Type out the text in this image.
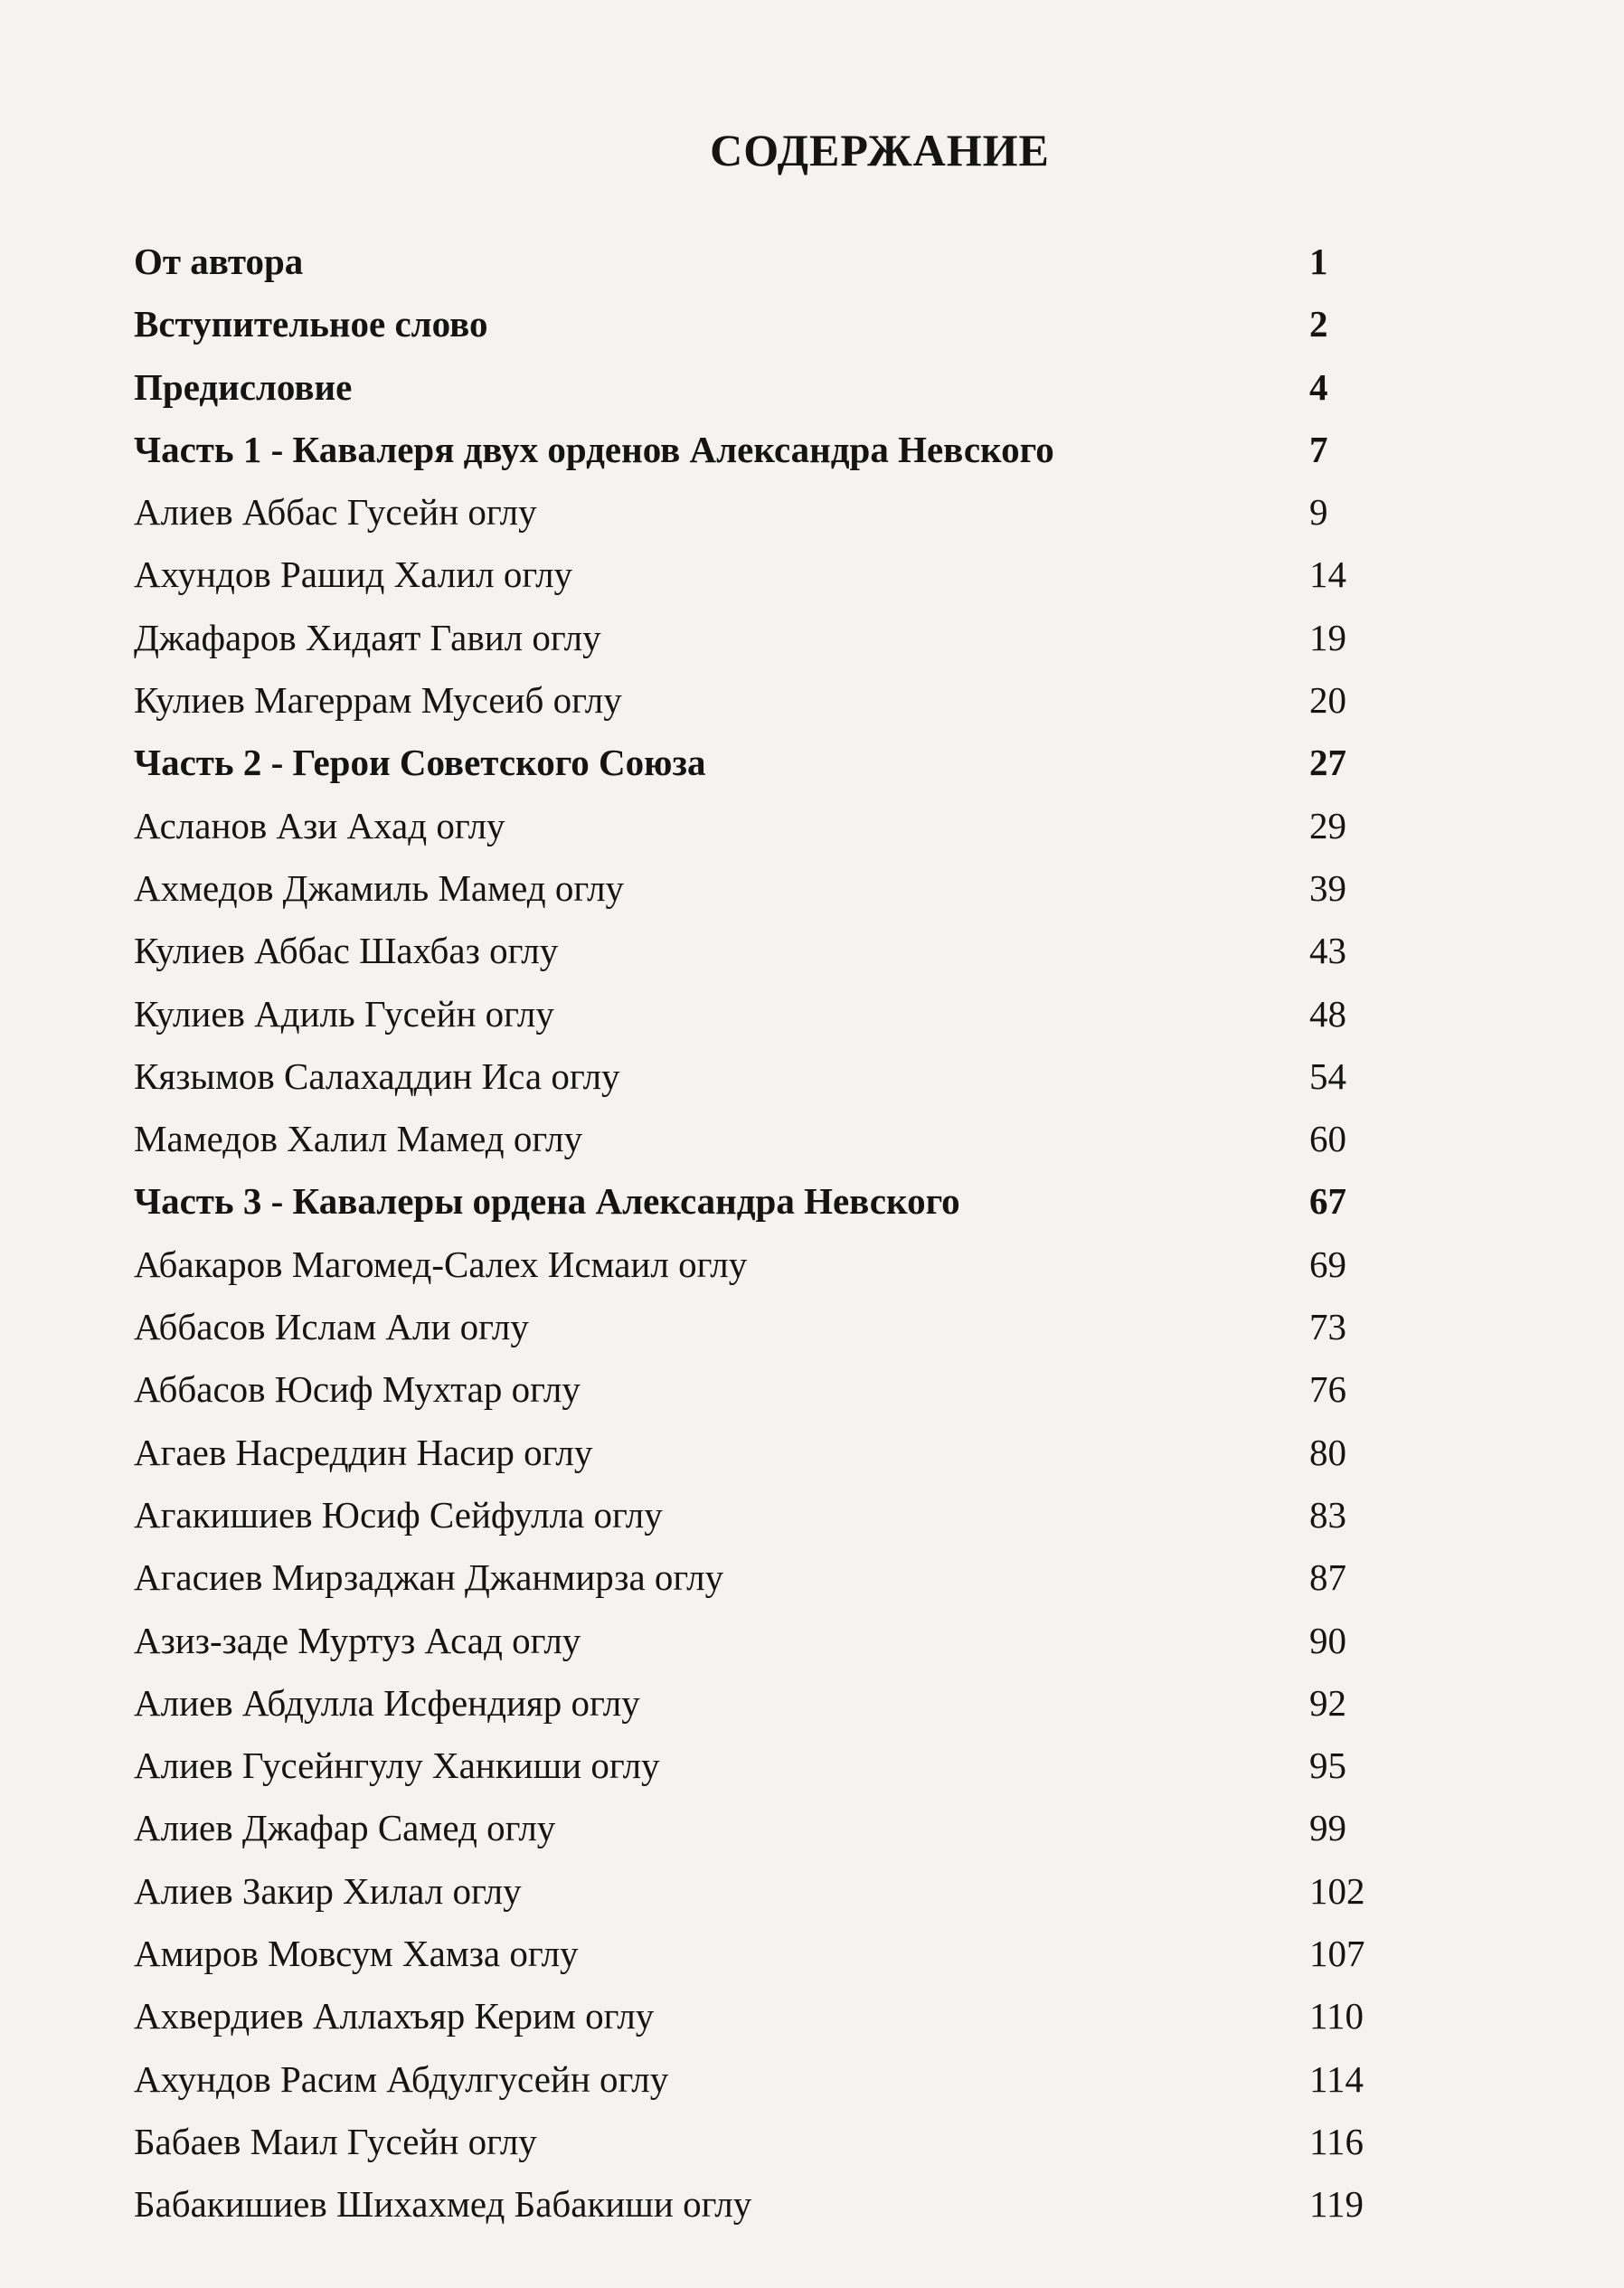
СОДЕРЖАНИЕ
От автора	1
Вступительное слово	2
Предисловие	4
Часть 1 - Кавалеря двух орденов Александра Невского	7
Алиев Аббас Гусейн оглу	9
Ахундов Рашид Халил оглу	14
Джафаров Хидаят Гавил оглу	19
Кулиев Магеррам Мусеиб оглу	20
Часть 2 - Герои Советского Союза	27
Асланов Ази Ахад оглу	29
Ахмедов Джамиль Мамед оглу	39
Кулиев Аббас Шахбаз оглу	43
Кулиев Адиль Гусейн оглу	48
Кязымов Салахаддин Иса оглу	54
Мамедов Халил Мамед оглу	60
Часть 3 - Кавалеры ордена Александра Невского	67
Абакаров Магомед-Салех Исмаил оглу	69
Аббасов Ислам Али оглу	73
Аббасов Юсиф Мухтар оглу	76
Агаев Насреддин Насир оглу	80
Агакишиев Юсиф Сейфулла оглу	83
Агасиев Мирзаджан Джанмирза оглу	87
Азиз-заде Муртуз Асад оглу	90
Алиев Абдулла Исфендияр оглу	92
Алиев Гусейнгулу Ханкиши оглу	95
Алиев Джафар Самед оглу	99
Алиев Закир Хилал оглу	102
Амиров Мовсум Хамза оглу	107
Ахвердиев Аллахъяр Керим оглу	110
Ахундов Расим Абдулгусейн оглу	114
Бабаев Маил Гусейн оглу	116
Бабакишиев Шихахмед Бабакиши оглу	119
